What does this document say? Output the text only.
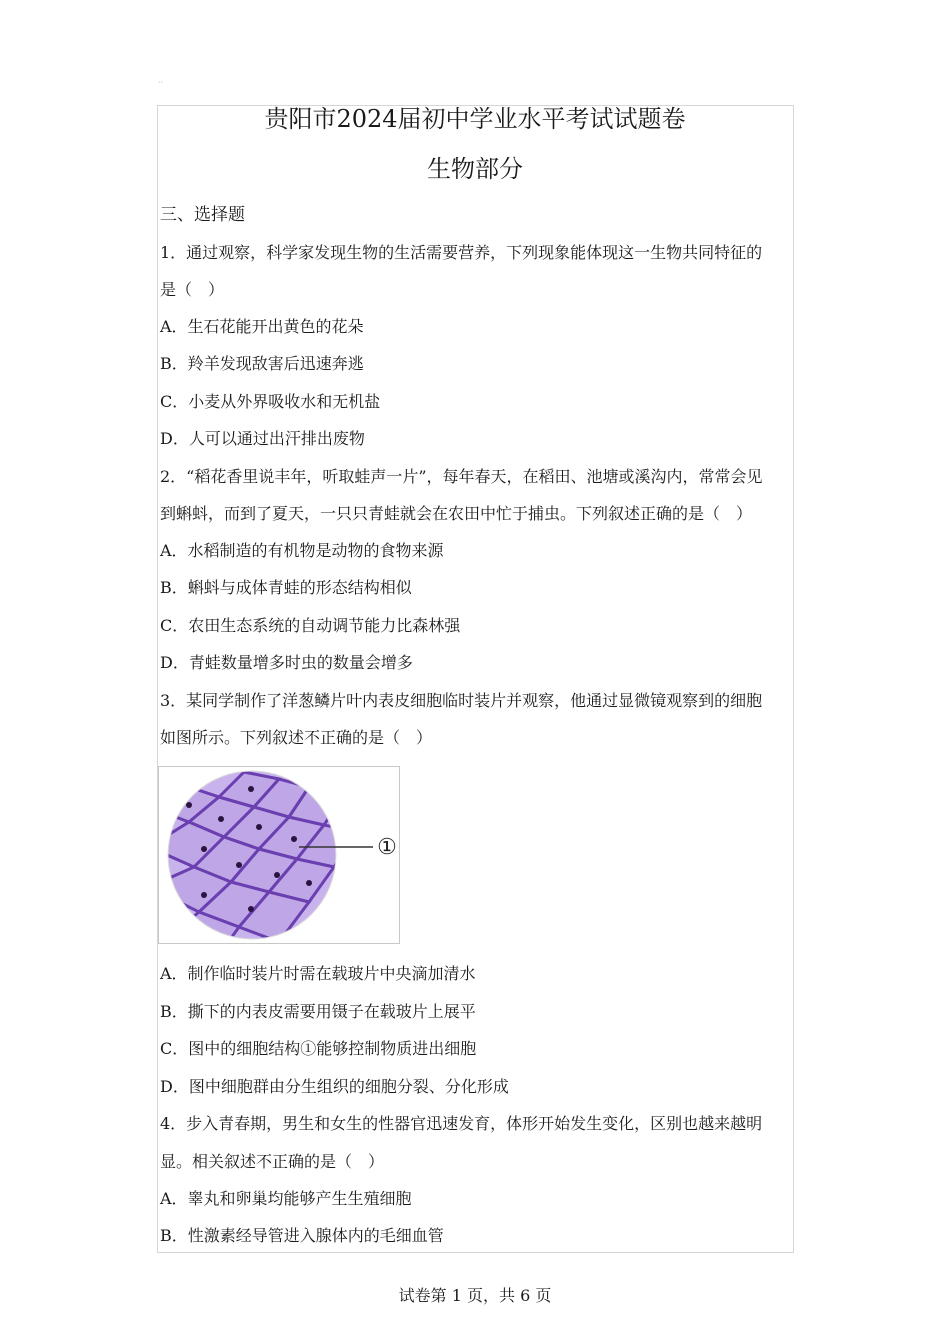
··
贵阳市2024届初中学业水平考试试题卷
生物部分
三、选择题
1．通过观察，科学家发现生物的生活需要营养，下列现象能体现这一生物共同特征的
是（　）
A．生石花能开出黄色的花朵
B．羚羊发现敌害后迅速奔逃
C．小麦从外界吸收水和无机盐
D．人可以通过出汗排出废物
2．“稻花香里说丰年，听取蛙声一片”，每年春天，在稻田、池塘或溪沟内，常常会见
到蝌蚪，而到了夏天，一只只青蛙就会在农田中忙于捕虫。下列叙述正确的是（　）
A．水稻制造的有机物是动物的食物来源
B．蝌蚪与成体青蛙的形态结构相似
C．农田生态系统的自动调节能力比森林强
D．青蛙数量增多时虫的数量会增多
3．某同学制作了洋葱鳞片叶内表皮细胞临时装片并观察，他通过显微镜观察到的细胞
如图所示。下列叙述不正确的是（　）
①
A．制作临时装片时需在载玻片中央滴加清水
B．撕下的内表皮需要用镊子在载玻片上展平
C．图中的细胞结构①能够控制物质进出细胞
D．图中细胞群由分生组织的细胞分裂、分化形成
4．步入青春期，男生和女生的性器官迅速发育，体形开始发生变化，区别也越来越明
显。相关叙述不正确的是（　）
A．睾丸和卵巢均能够产生生殖细胞
B．性激素经导管进入腺体内的毛细血管
试卷第 1 页，共 6 页
